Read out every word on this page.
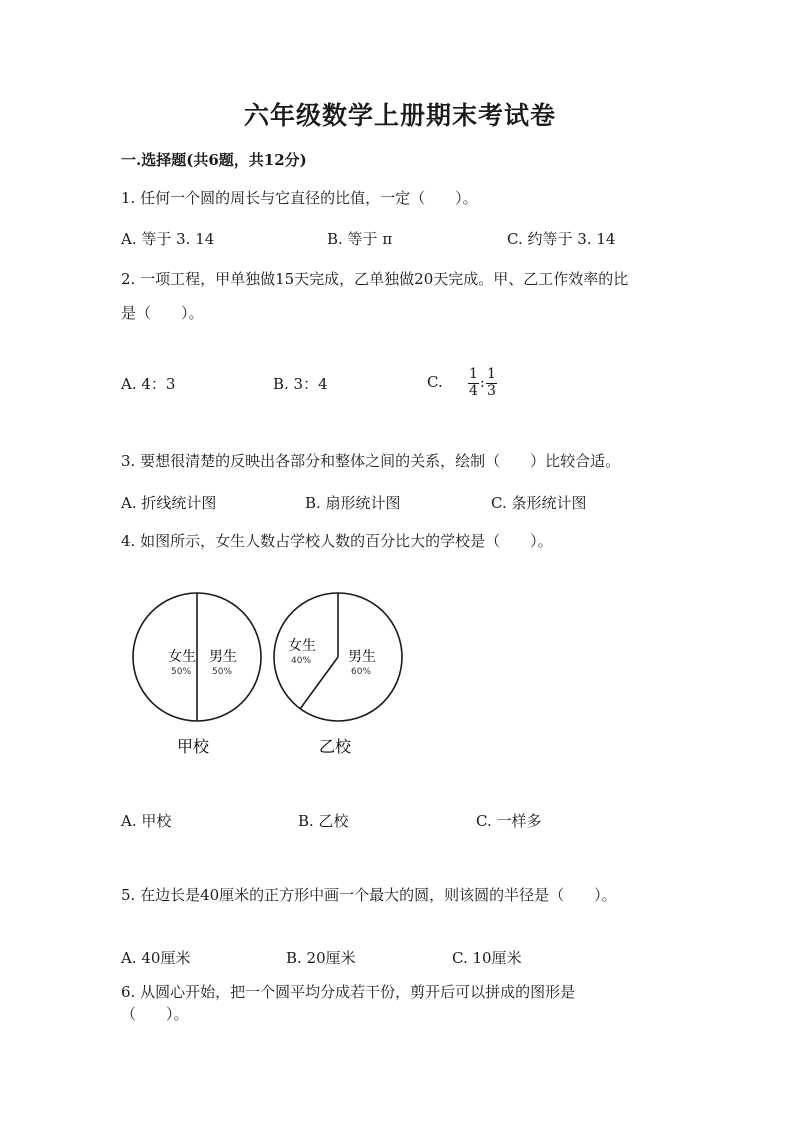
六年级数学上册期末考试卷
一.选择题(共6题，共12分)
1. 任何一个圆的周长与它直径的比值，一定（　　）。
A. 等于 3. 14	B. 等于 π	C. 约等于 3. 14
2. 一项工程，甲单独做15天完成，乙单独做20天完成。甲、乙工作效率的比
是（　　）。
A. 4：3	B. 3：4	C. 1
4 :
1
3
3. 要想很清楚的反映出各部分和整体之间的关系，绘制（　　）比较合适。
A. 折线统计图	B. 扇形统计图	C. 条形统计图
4. 如图所示，女生人数占学校人数的百分比大的学校是（　　）。
女生
50%
男生
50%
甲校
女生
40%	男生
60%
乙校
A. 甲校	B. 乙校	C. 一样多
5. 在边长是40厘米的正方形中画一个最大的圆，则该圆的半径是（　　）。
A. 40厘米	B. 20厘米	C. 10厘米
6. 从圆心开始，把一个圆平均分成若干份，剪开后可以拼成的图形是
（　　）。
